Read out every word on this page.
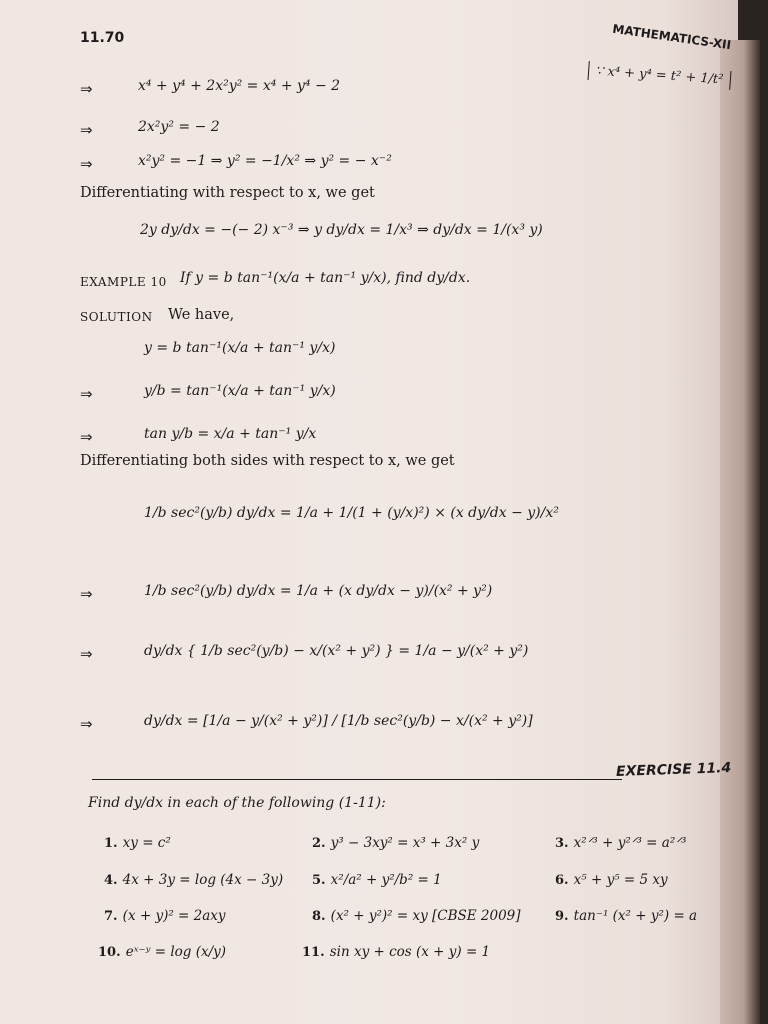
11.70	MATHEMATICS-XII
∵ x⁴ + y⁴ = t² + 1/t²
⇒	x⁴ + y⁴ + 2x²y² = x⁴ + y⁴ − 2
⇒	2x²y² = − 2
⇒	x²y² = −1 ⇒ y² = −1/x² ⇒ y² = − x⁻²
Differentiating with respect to x, we get
2y dy/dx = −(− 2) x⁻³ ⇒ y dy/dx = 1/x³ ⇒ dy/dx = 1/(x³ y)
EXAMPLE 10 If y = b tan⁻¹(x/a + tan⁻¹ y/x), find dy/dx.
SOLUTION We have,
y = b tan⁻¹(x/a + tan⁻¹ y/x)
⇒	y/b = tan⁻¹(x/a + tan⁻¹ y/x)
⇒	tan y/b = x/a + tan⁻¹ y/x
Differentiating both sides with respect to x, we get
1/b sec²(y/b) dy/dx = 1/a + 1/(1 + (y/x)²) × (x dy/dx − y)/x²
⇒	1/b sec²(y/b) dy/dx = 1/a + (x dy/dx − y)/(x² + y²)
⇒	dy/dx { 1/b sec²(y/b) − x/(x² + y²) } = 1/a − y/(x² + y²)
⇒	dy/dx = [1/a − y/(x² + y²)] / [1/b sec²(y/b) − x/(x² + y²)]
EXERCISE 11.4
Find dy/dx in each of the following (1-11):
1. xy = c²	2. y³ − 3xy² = x³ + 3x² y	3. x²ᐟ³ + y²ᐟ³ = a²ᐟ³
4. 4x + 3y = log (4x − 3y) 5. x²/a² + y²/b² = 1	6. x⁵ + y⁵ = 5 xy
7. (x + y)² = 2axy	8. (x² + y²)² = xy [CBSE 2009]	9. tan⁻¹ (x² + y²) = a
10. eˣ⁻ʸ = log (x/y)	11. sin xy + cos (x + y) = 1
